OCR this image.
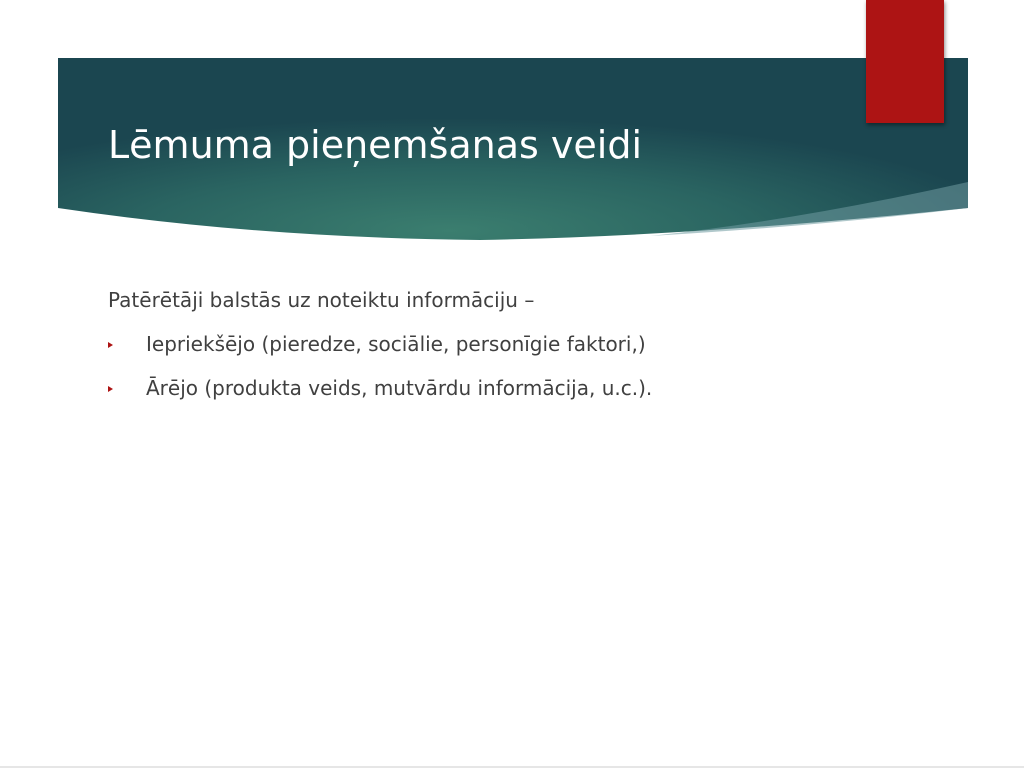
Lēmuma pieņemšanas veidi

Patērētāji balstās uz noteiktu informāciju –

Iepriekšējo (pieredze, sociālie, personīgie faktori,)
Ārējo (produkta veids, mutvārdu informācija, u.c.).
